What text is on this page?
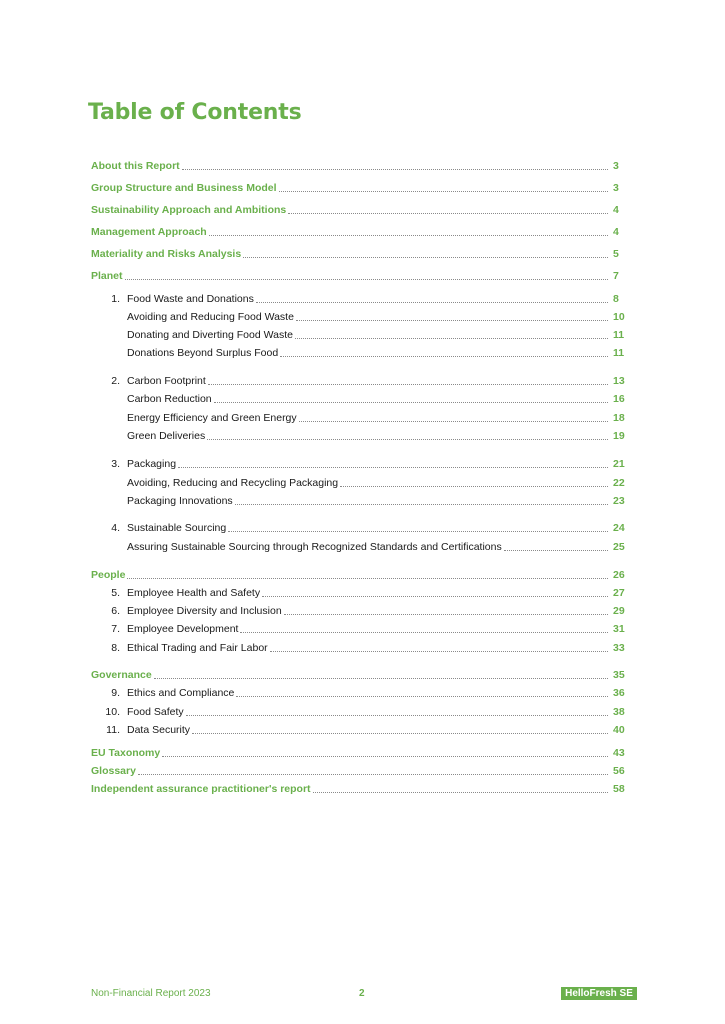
Table of Contents
About this Report	3
Group Structure and Business Model	3
Sustainability Approach and Ambitions	4
Management Approach	4
Materiality and Risks Analysis	5
Planet	7
1. Food Waste and Donations	8
Avoiding and Reducing Food Waste	10
Donating and Diverting Food Waste	11
Donations Beyond Surplus Food	11
2. Carbon Footprint	13
Carbon Reduction	16
Energy Efficiency and Green Energy	18
Green Deliveries	19
3. Packaging	21
Avoiding, Reducing and Recycling Packaging	22
Packaging Innovations	23
4. Sustainable Sourcing	24
Assuring Sustainable Sourcing through Recognized Standards and Certifications	25
People	26
5. Employee Health and Safety	27
6. Employee Diversity and Inclusion	29
7. Employee Development	31
8. Ethical Trading and Fair Labor	33
Governance	35
9. Ethics and Compliance	36
10. Food Safety	38
11. Data Security	40
EU Taxonomy	43
Glossary	56
Independent assurance practitioner's report	58
Non-Financial Report 2023	2	HelloFresh SE
